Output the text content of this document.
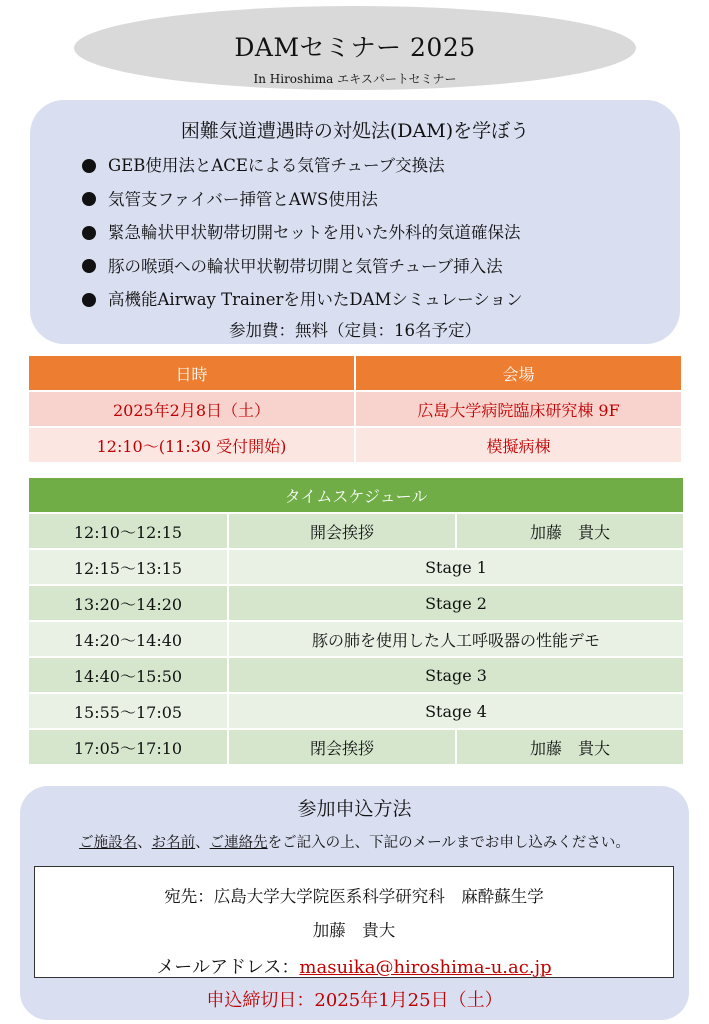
DAMセミナー 2025
In Hiroshima エキスパートセミナー
困難気道遭遇時の対処法(DAM)を学ぼう
GEB使用法とACEによる気管チューブ交換法
気管支ファイバー挿管とAWS使用法
緊急輪状甲状靭帯切開セットを用いた外科的気道確保法
豚の喉頭への輪状甲状靭帯切開と気管チューブ挿入法
高機能Airway Trainerを用いたDAMシミュレーション
参加費：無料（定員：16名予定）
日時	会場
2025年2月8日（土）	広島大学病院臨床研究棟 9F
12:10～(11:30 受付開始)	模擬病棟
タイムスケジュール		
12:10～12:15	開会挨拶	加藤　貴大
12:15～13:15	Stage 1	
13:20～14:20	Stage 2	
14:20～14:40	豚の肺を使用した人工呼吸器の性能デモ	
14:40～15:50	Stage 3	
15:55～17:05	Stage 4	
17:05～17:10	閉会挨拶	加藤　貴大
参加申込方法
ご施設名、お名前、ご連絡先をご記入の上、下記のメールまでお申し込みください。
宛先：広島大学大学院医系科学研究科　麻酔蘇生学
加藤　貴大
メールアドレス：masuika@hiroshima-u.ac.jp
申込締切日：2025年1月25日（土）
